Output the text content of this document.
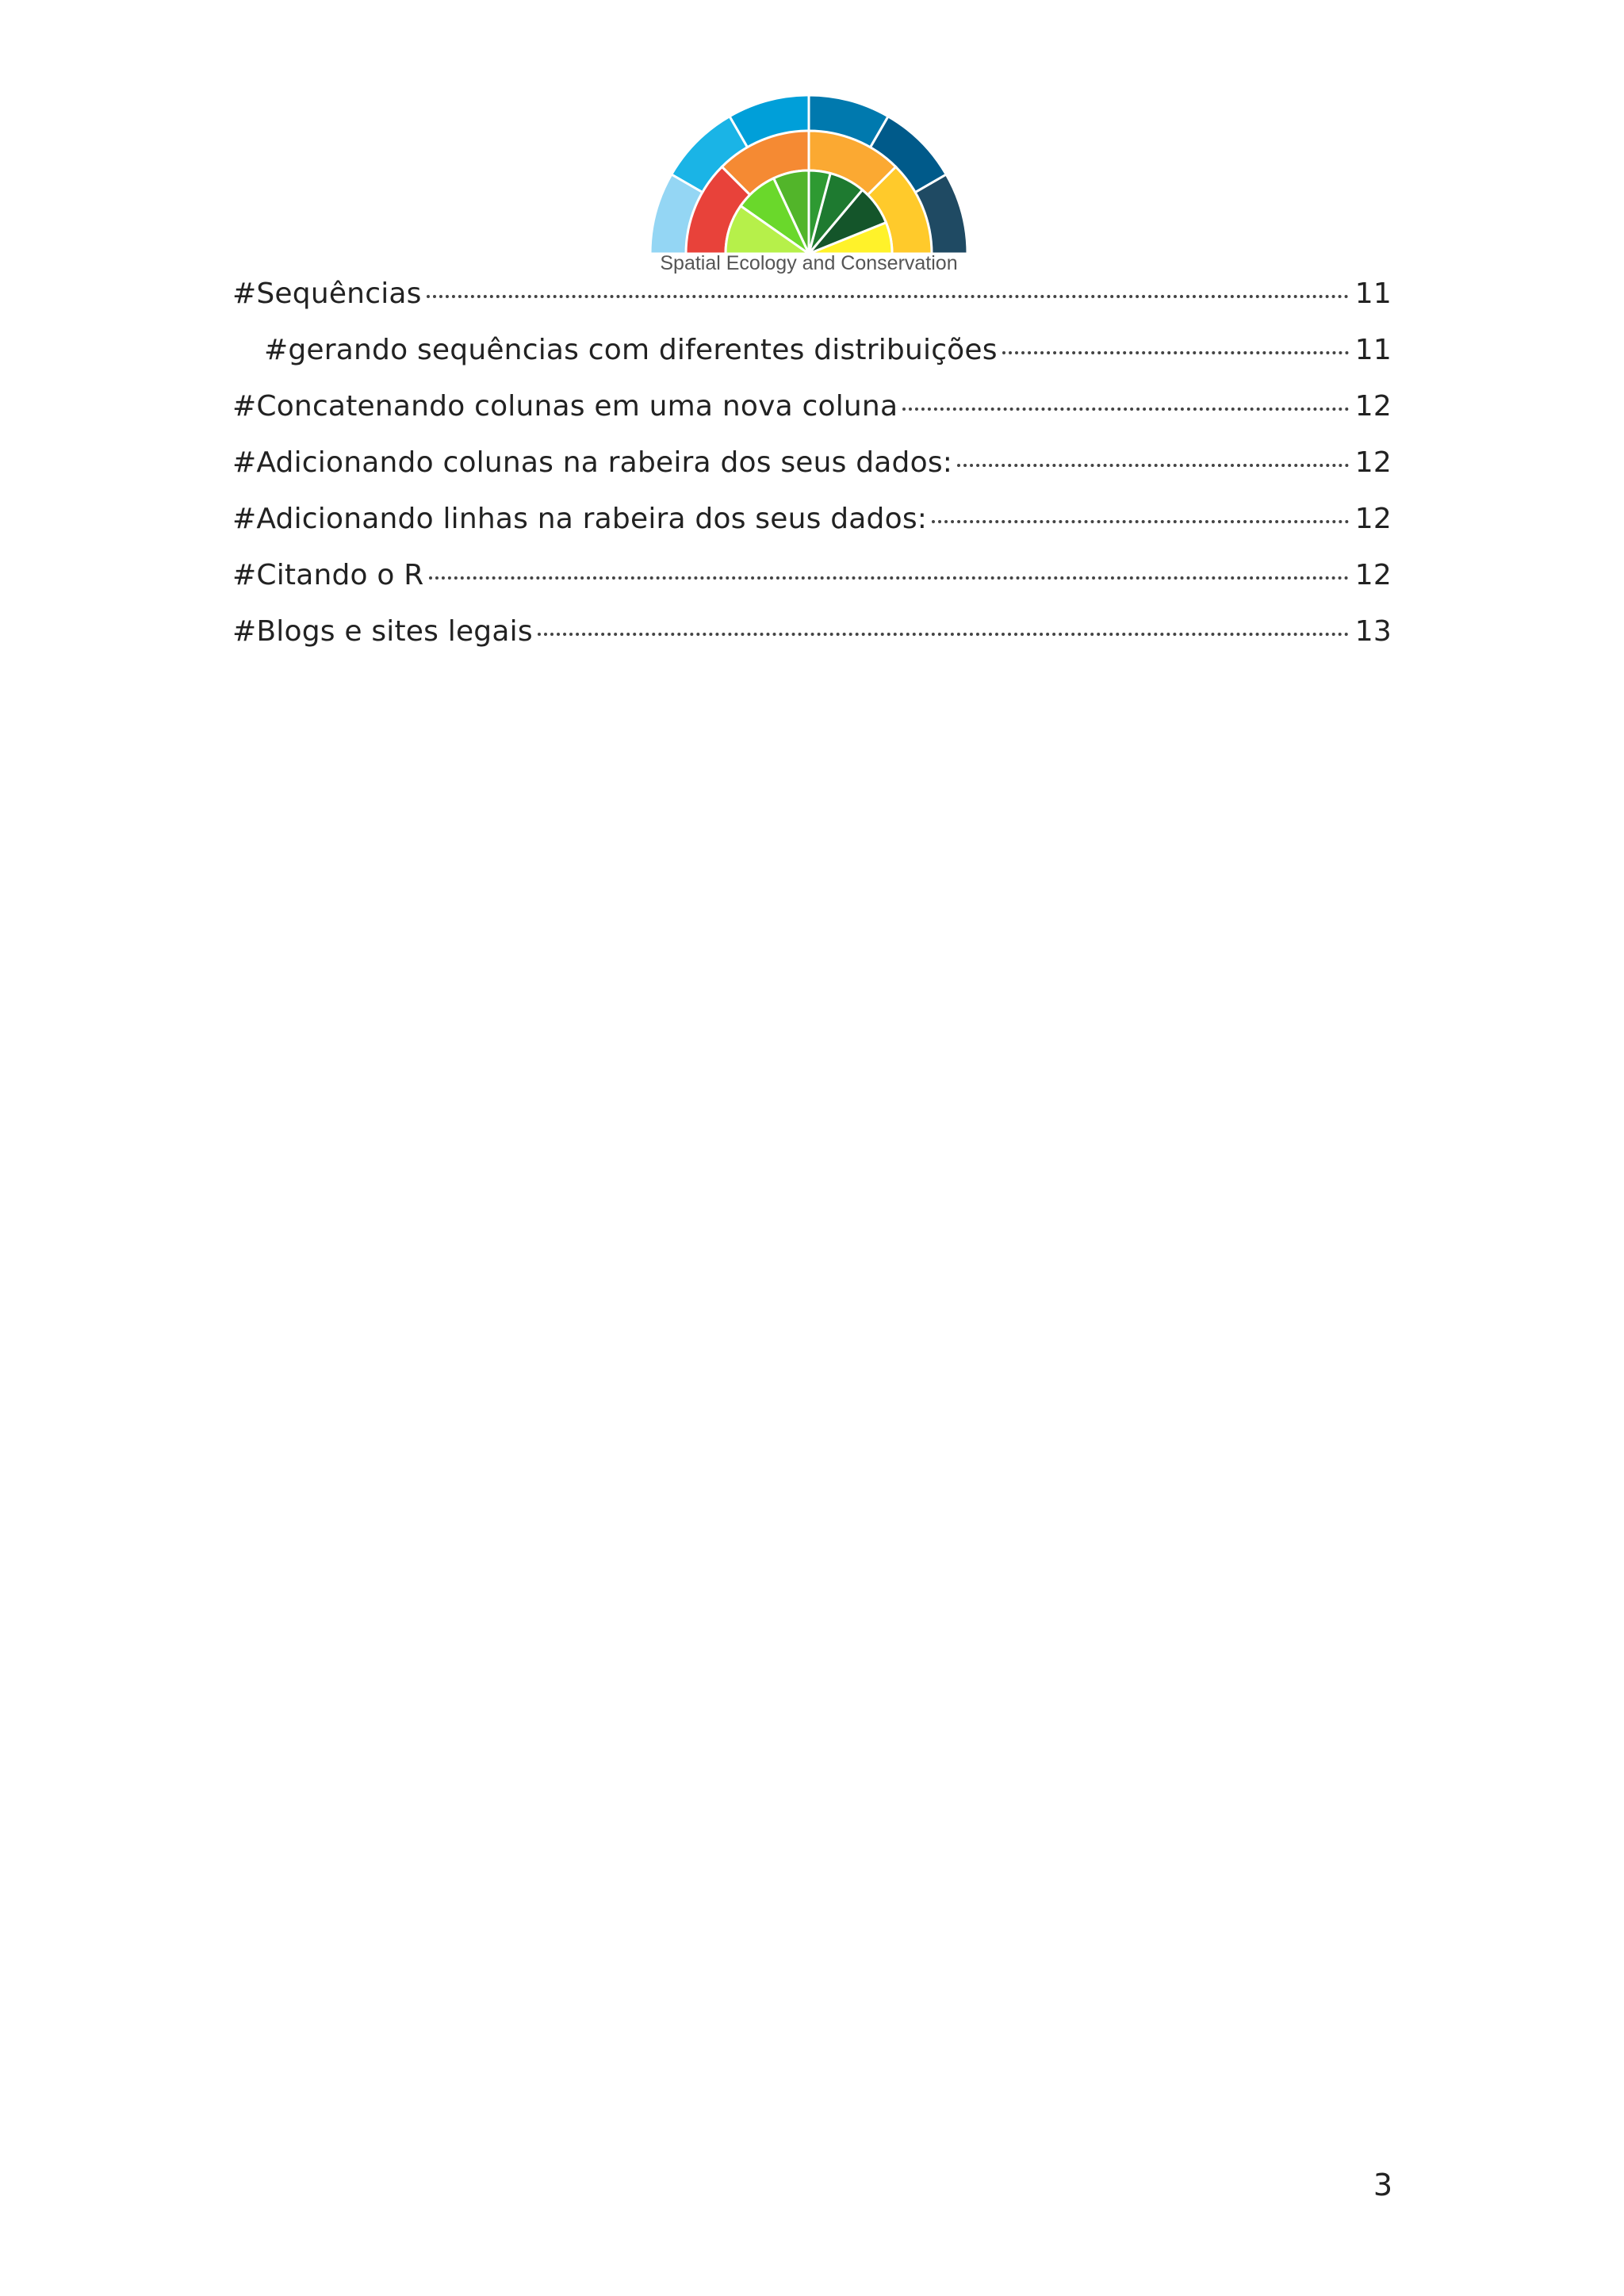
Spatial Ecology and Conservation
#Sequências	11
#gerando sequências com diferentes distribuições	11
#Concatenando colunas em uma nova coluna	12
#Adicionando colunas na rabeira dos seus dados:	12
#Adicionando linhas na rabeira dos seus dados:	12
#Citando o R	12
#Blogs e sites legais	13
3
